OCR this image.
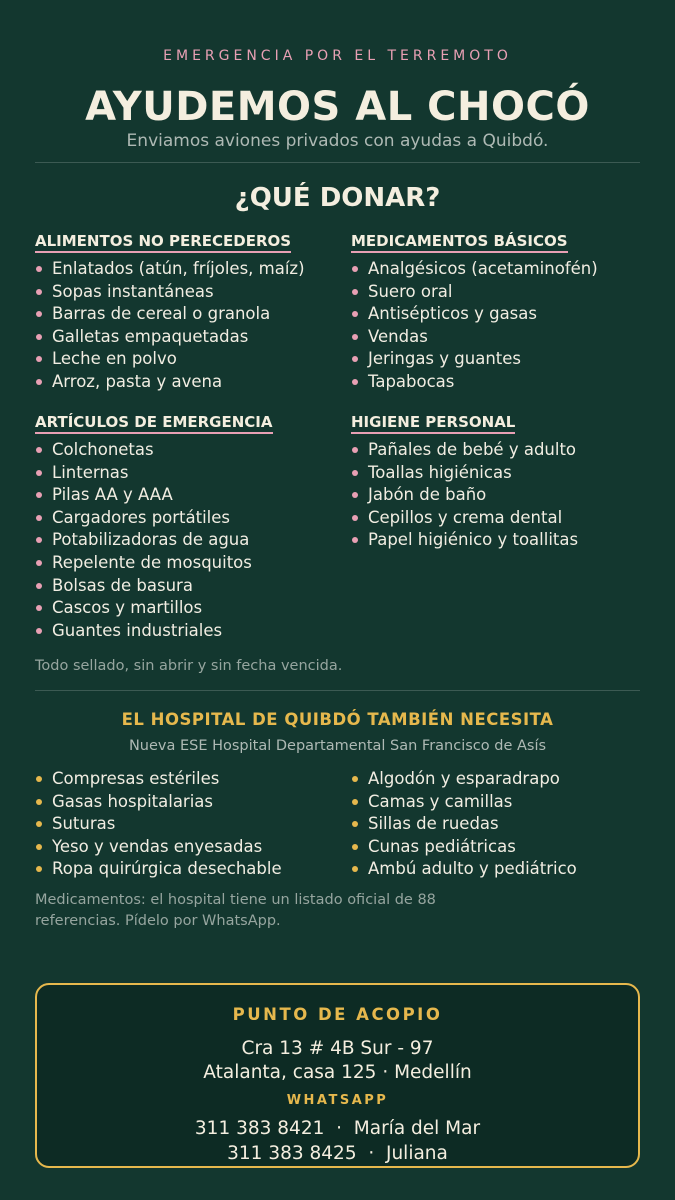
EMERGENCIA POR EL TERREMOTO
AYUDEMOS AL CHOCÓ
Enviamos aviones privados con ayudas a Quibdó.
¿QUÉ DONAR?
ALIMENTOS NO PERECEDEROS
Enlatados (atún, fríjoles, maíz)
Sopas instantáneas
Barras de cereal o granola
Galletas empaquetadas
Leche en polvo
Arroz, pasta y avena
MEDICAMENTOS BÁSICOS
Analgésicos (acetaminofén)
Suero oral
Antisépticos y gasas
Vendas
Jeringas y guantes
Tapabocas
ARTÍCULOS DE EMERGENCIA
Colchonetas
Linternas
Pilas AA y AAA
Cargadores portátiles
Potabilizadoras de agua
Repelente de mosquitos
Bolsas de basura
Cascos y martillos
Guantes industriales
HIGIENE PERSONAL
Pañales de bebé y adulto
Toallas higiénicas
Jabón de baño
Cepillos y crema dental
Papel higiénico y toallitas
Todo sellado, sin abrir y sin fecha vencida.
EL HOSPITAL DE QUIBDÓ TAMBIÉN NECESITA
Nueva ESE Hospital Departamental San Francisco de Asís
Compresas estériles
Gasas hospitalarias
Suturas
Yeso y vendas enyesadas
Ropa quirúrgica desechable
Algodón y esparadrapo
Camas y camillas
Sillas de ruedas
Cunas pediátricas
Ambú adulto y pediátrico
Medicamentos: el hospital tiene un listado oficial de 88 referencias. Pídelo por WhatsApp.
PUNTO DE ACOPIO
Cra 13 # 4B Sur - 97
Atalanta, casa 125 · Medellín
WHATSAPP
311 383 8421  ·  María del Mar
311 383 8425  ·  Juliana
